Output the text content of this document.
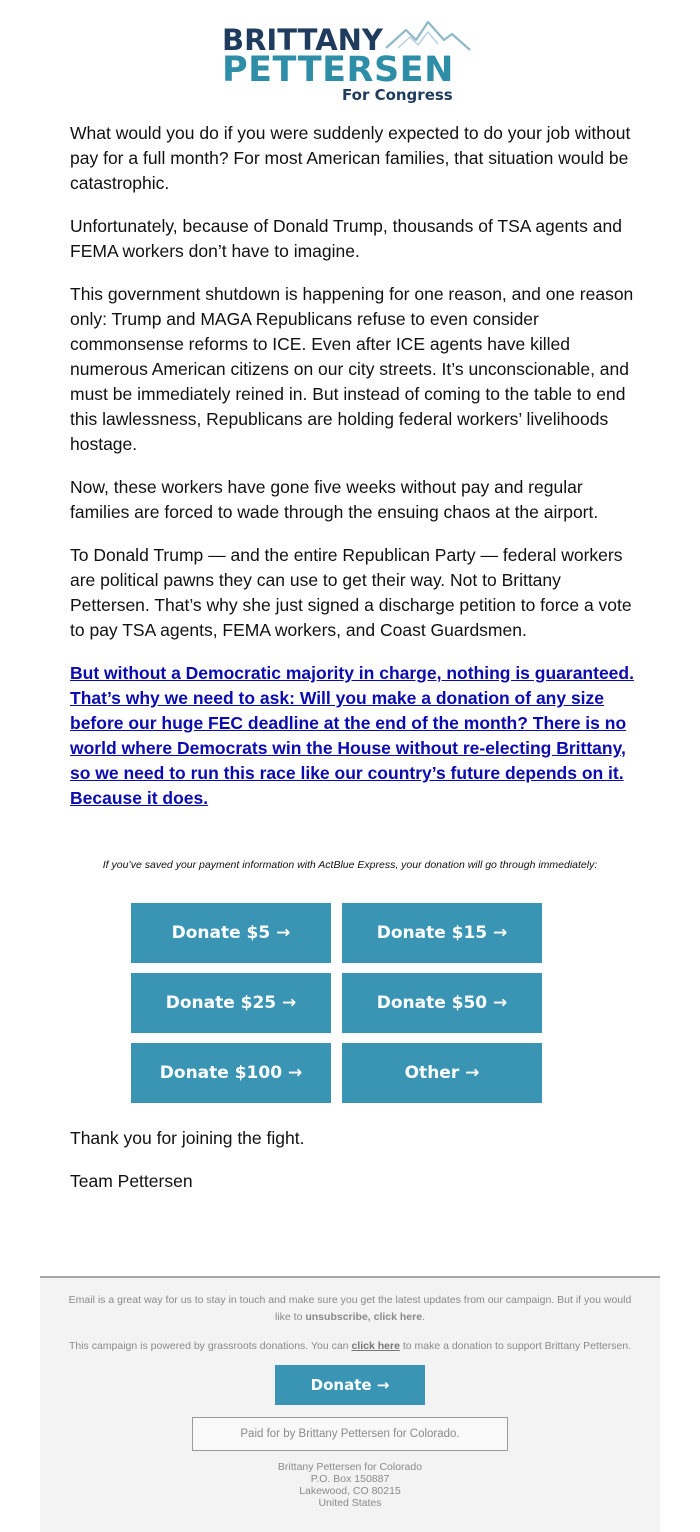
BRITTANY
PETTERSEN
For Congress

What would you do if you were suddenly expected to do your job without pay for a full month? For most American families, that situation would be catastrophic.

Unfortunately, because of Donald Trump, thousands of TSA agents and FEMA workers don’t have to imagine.

This government shutdown is happening for one reason, and one reason only: Trump and MAGA Republicans refuse to even consider commonsense reforms to ICE. Even after ICE agents have killed numerous American citizens on our city streets. It’s unconscionable, and must be immediately reined in. But instead of coming to the table to end this lawlessness, Republicans are holding federal workers’ livelihoods hostage.

Now, these workers have gone five weeks without pay and regular families are forced to wade through the ensuing chaos at the airport.

To Donald Trump — and the entire Republican Party — federal workers are political pawns they can use to get their way. Not to Brittany Pettersen. That’s why she just signed a discharge petition to force a vote to pay TSA agents, FEMA workers, and Coast Guardsmen.

But without a Democratic majority in charge, nothing is guaranteed. That’s why we need to ask: Will you make a donation of any size before our huge FEC deadline at the end of the month? There is no world where Democrats win the House without re-electing Brittany, so we need to run this race like our country’s future depends on it. Because it does.

If you’ve saved your payment information with ActBlue Express, your donation will go through immediately:
Donate $5 →	Donate $15 →
Donate $25 →	Donate $50 →
Donate $100 →	Other →
Thank you for joining the fight.
Team Pettersen
Email is a great way for us to stay in touch and make sure you get the latest updates from our campaign. But if you would like to unsubscribe, click here.
This campaign is powered by grassroots donations. You can click here to make a donation to support Brittany Pettersen.
Donate →
Paid for by Brittany Pettersen for Colorado.
Brittany Pettersen for Colorado
P.O. Box 150887
Lakewood, CO 80215
United States
